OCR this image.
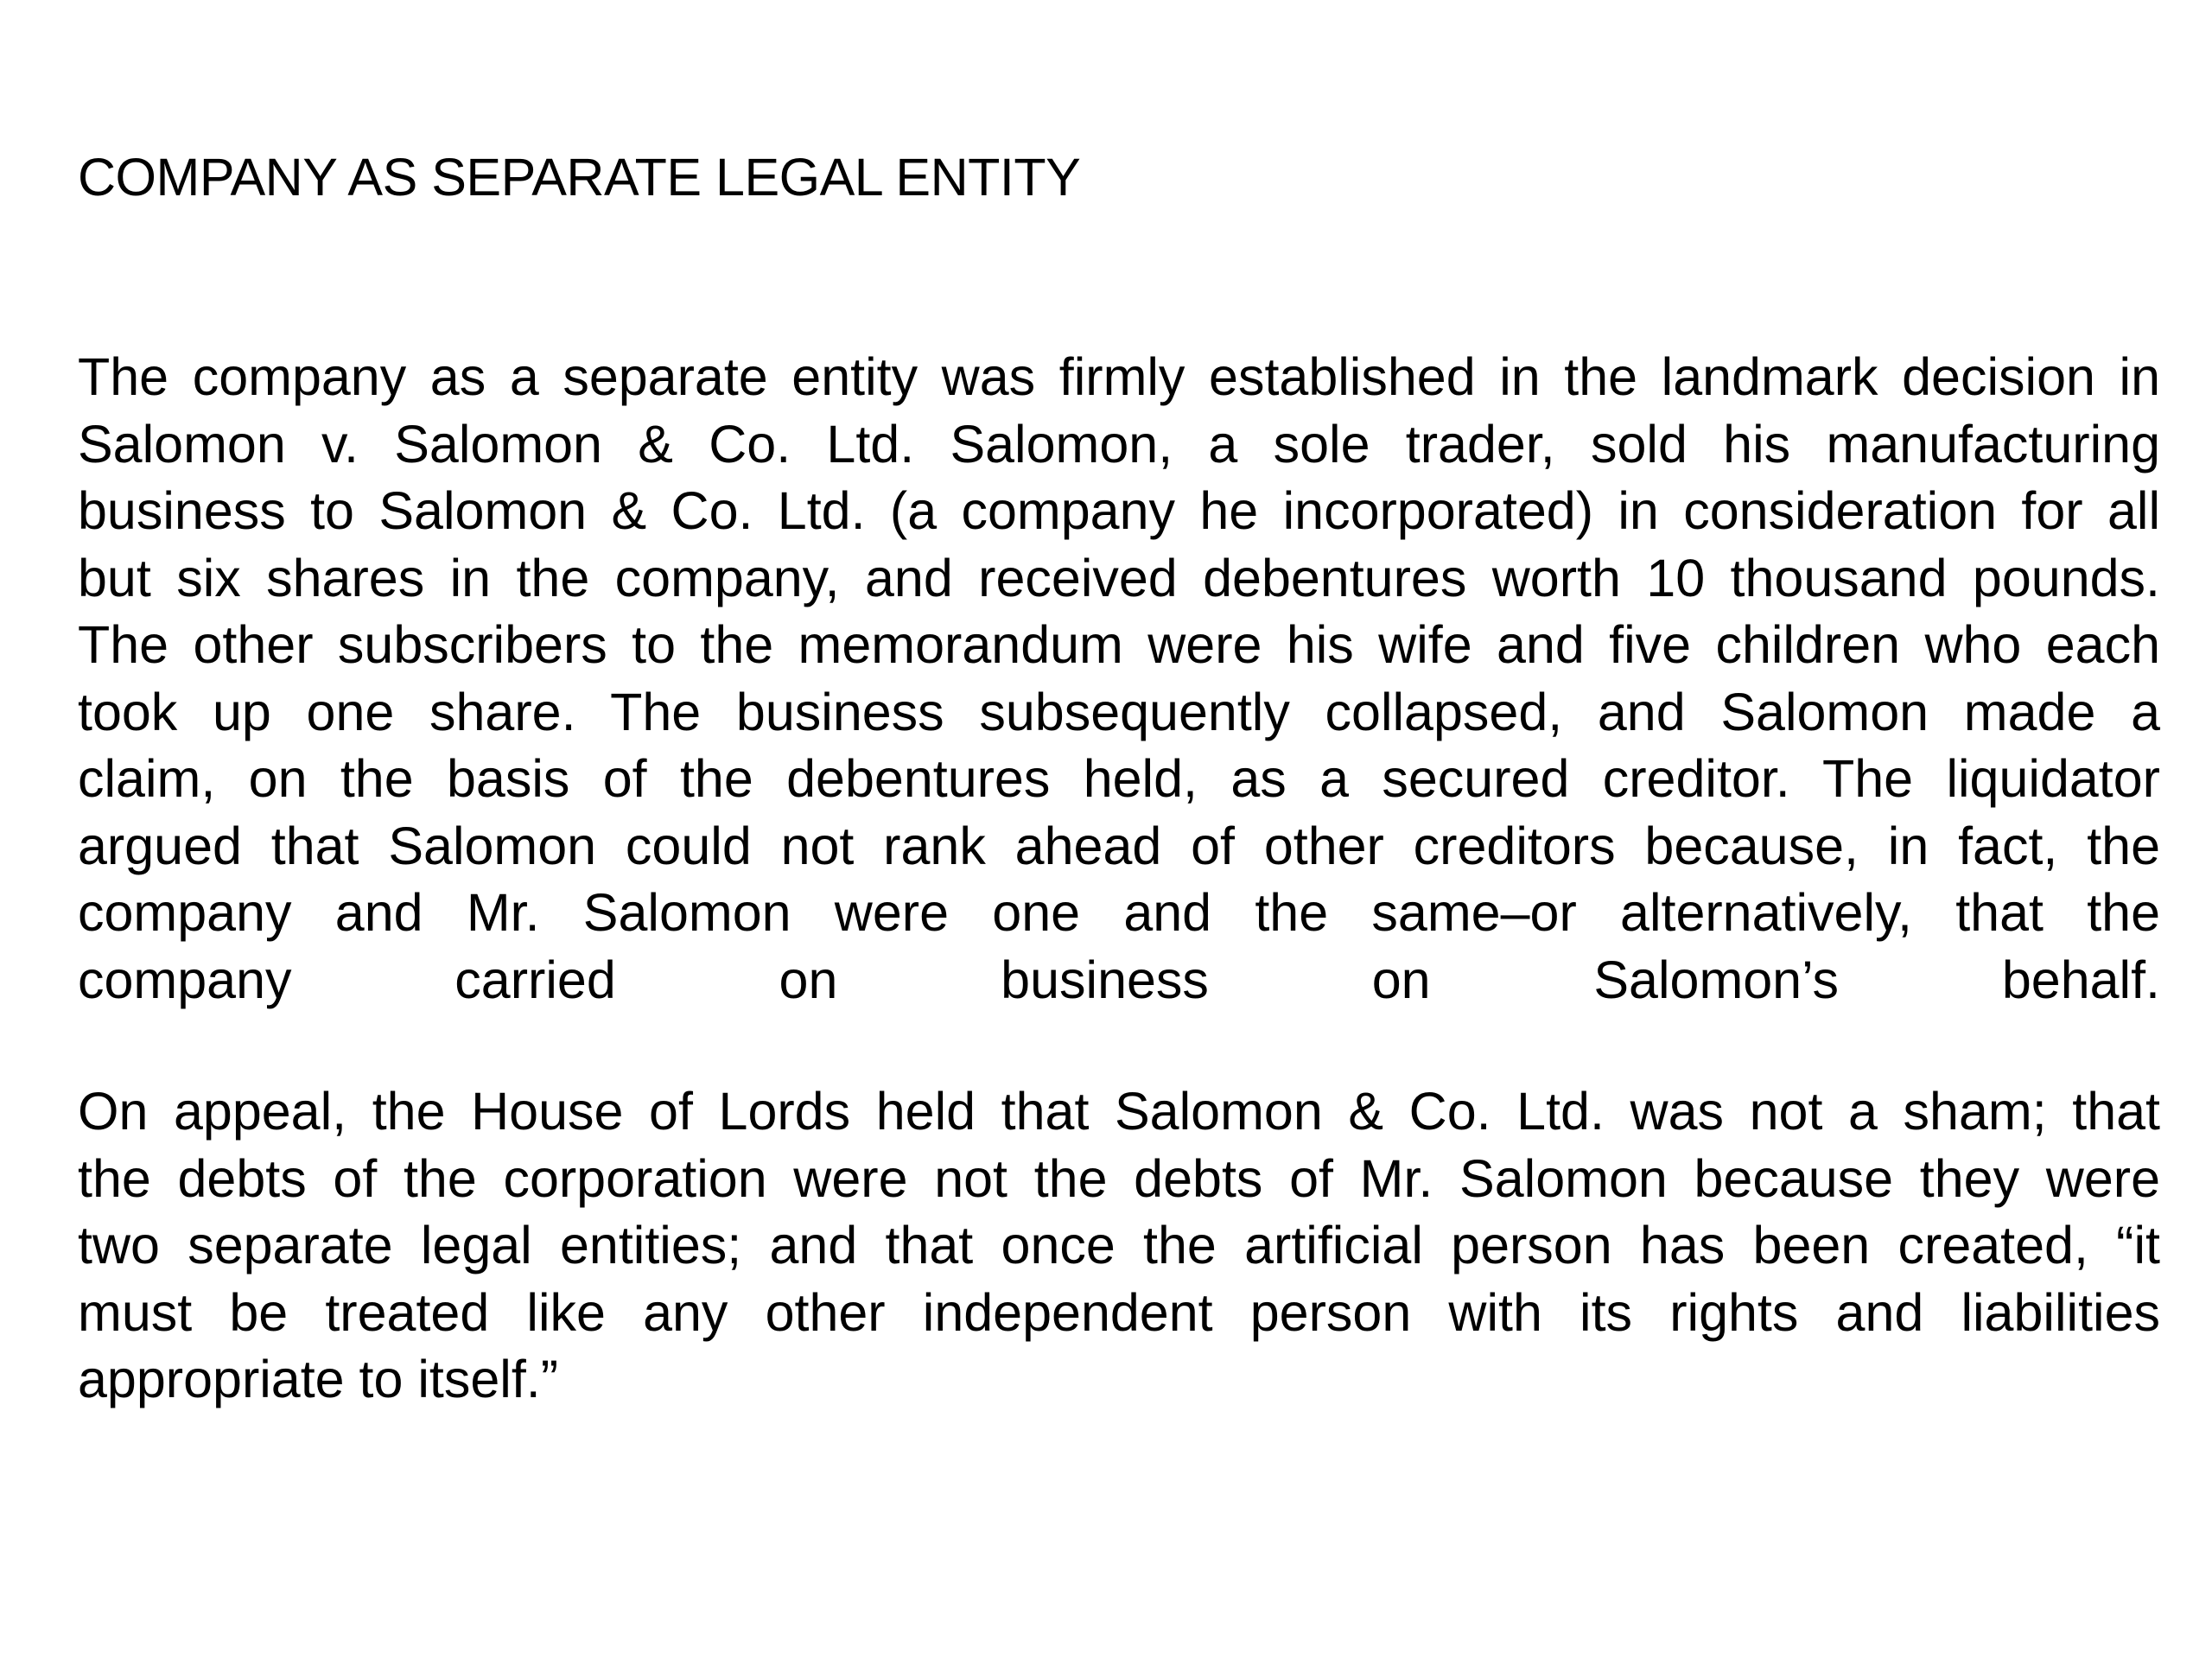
COMPANY AS SEPARATE LEGAL ENTITY
The company as a separate entity was firmly established in the landmark decision in
Salomon v. Salomon & Co. Ltd. Salomon, a sole trader, sold his manufacturing
business to Salomon & Co. Ltd. (a company he incorporated) in consideration for all
but six shares in the company, and received debentures worth 10 thousand pounds.
The other subscribers to the memorandum were his wife and five children who each
took up one share. The business subsequently collapsed, and Salomon made a
claim, on the basis of the debentures held, as a secured creditor. The liquidator
argued that Salomon could not rank ahead of other creditors because, in fact, the
company and Mr. Salomon were one and the same–or alternatively, that the
company carried on business on Salomon’s behalf.
On appeal, the House of Lords held that Salomon & Co. Ltd. was not a sham; that
the debts of the corporation were not the debts of Mr. Salomon because they were
two separate legal entities; and that once the artificial person has been created, “it
must be treated like any other independent person with its rights and liabilities
appropriate to itself.”
